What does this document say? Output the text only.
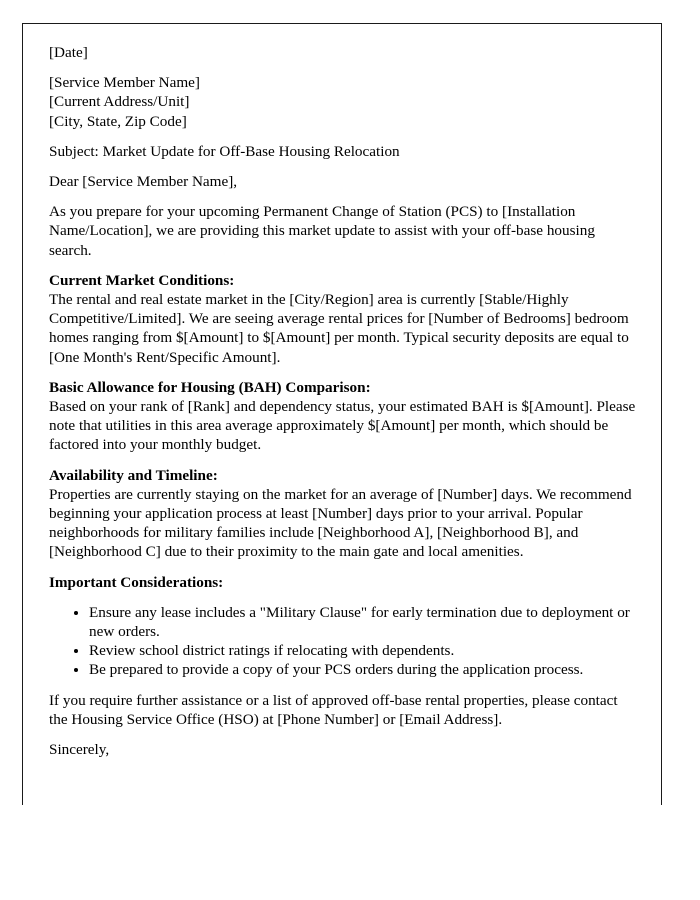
[Date]

[Service Member Name]

[Current Address/Unit]

[City, State, Zip Code]

Subject: Market Update for Off-Base Housing Relocation

Dear [Service Member Name],

As you prepare for your upcoming Permanent Change of Station (PCS) to [Installation Name/Location], we are providing this market update to assist with your off-base housing search.

Current Market Conditions:

The rental and real estate market in the [City/Region] area is currently [Stable/Highly Competitive/Limited]. We are seeing average rental prices for [Number of Bedrooms] bedroom homes ranging from $[Amount] to $[Amount] per month. Typical security deposits are equal to [One Month's Rent/Specific Amount].

Basic Allowance for Housing (BAH) Comparison:

Based on your rank of [Rank] and dependency status, your estimated BAH is $[Amount]. Please note that utilities in this area average approximately $[Amount] per month, which should be factored into your monthly budget.

Availability and Timeline:

Properties are currently staying on the market for an average of [Number] days. We recommend beginning your application process at least [Number] days prior to your arrival. Popular neighborhoods for military families include [Neighborhood A], [Neighborhood B], and [Neighborhood C] due to their proximity to the main gate and local amenities.

Important Considerations:

• Ensure any lease includes a "Military Clause" for early termination due to deployment or new orders.
• Review school district ratings if relocating with dependents.
• Be prepared to provide a copy of your PCS orders during the application process.

If you require further assistance or a list of approved off-base rental properties, please contact the Housing Service Office (HSO) at [Phone Number] or [Email Address].

Sincerely,
